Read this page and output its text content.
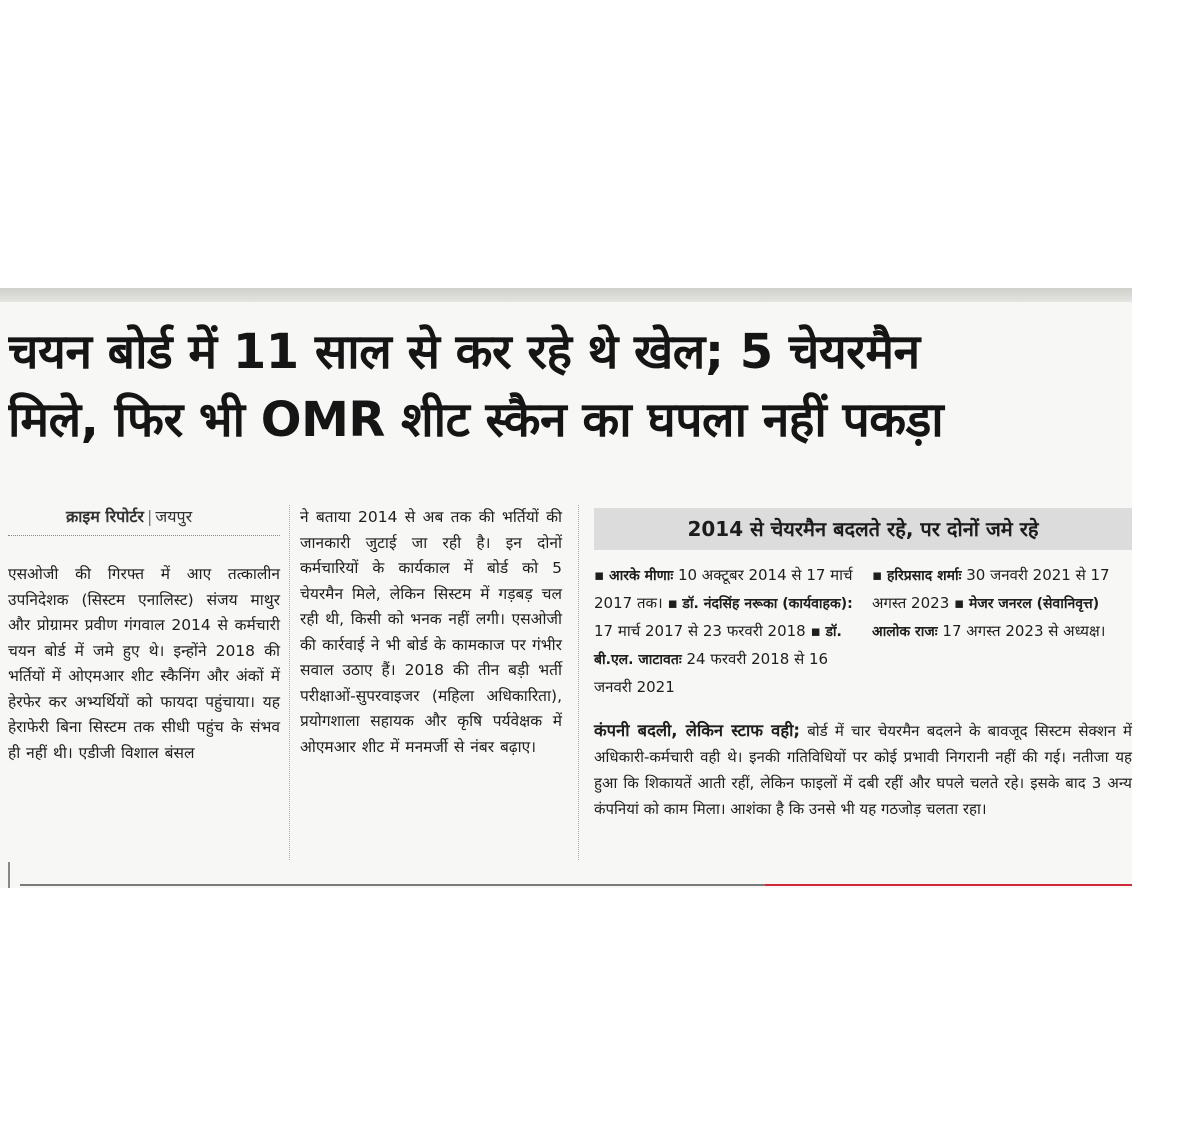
चयन बोर्ड में 11 साल से कर रहे थे खेल; 5 चेयरमैन
मिले, फिर भी OMR शीट स्कैन का घपला नहीं पकड़ा
क्राइम रिपोर्टर | जयपुर
एसओजी की गिरफ्त में आए तत्कालीन उपनिदेशक (सिस्टम एनालिस्ट) संजय माथुर और प्रोग्रामर प्रवीण गंगवाल 2014 से कर्मचारी चयन बोर्ड में जमे हुए थे। इन्होंने 2018 की भर्तियों में ओएमआर शीट स्कैनिंग और अंकों में हेरफेर कर अभ्यर्थियों को फायदा पहुंचाया। यह हेराफेरी बिना सिस्टम तक सीधी पहुंच के संभव ही नहीं थी। एडीजी विशाल बंसल
ने बताया 2014 से अब तक की भर्तियों की जानकारी जुटाई जा रही है। इन दोनों कर्मचारियों के कार्यकाल में बोर्ड को 5 चेयरमैन मिले, लेकिन सिस्टम में गड़बड़ चल रही थी, किसी को भनक नहीं लगी। एसओजी की कार्रवाई ने भी बोर्ड के कामकाज पर गंभीर सवाल उठाए हैं। 2018 की तीन बड़ी भर्ती परीक्षाओं-सुपरवाइजर (महिला अधिकारिता), प्रयोगशाला सहायक और कृषि पर्यवेक्षक में ओएमआर शीट में मनमर्जी से नंबर बढ़ाए।
2014 से चेयरमैन बदलते रहे, पर दोनों जमे रहे
▪ आरके मीणाः 10 अक्टूबर 2014 से 17 मार्च 2017 तक। ▪ डॉ. नंदसिंह नरूका (कार्यवाहक): 17 मार्च 2017 से 23 फरवरी 2018 ▪ डॉ. बी.एल. जाटावतः 24 फरवरी 2018 से 16 जनवरी 2021
▪ हरिप्रसाद शर्माः 30 जनवरी 2021 से 17 अगस्त 2023 ▪ मेजर जनरल (सेवानिवृत्त) आलोक राजः 17 अगस्त 2023 से अध्यक्ष।
कंपनी बदली, लेकिन स्टाफ वही; बोर्ड में चार चेयरमैन बदलने के बावजूद सिस्टम सेक्शन में अधिकारी-कर्मचारी वही थे। इनकी गतिविधियों पर कोई प्रभावी निगरानी नहीं की गई। नतीजा यह हुआ कि शिकायतें आती रहीं, लेकिन फाइलों में दबी रहीं और घपले चलते रहे। इसके बाद 3 अन्य कंपनियां को काम मिला। आशंका है कि उनसे भी यह गठजोड़ चलता रहा।
